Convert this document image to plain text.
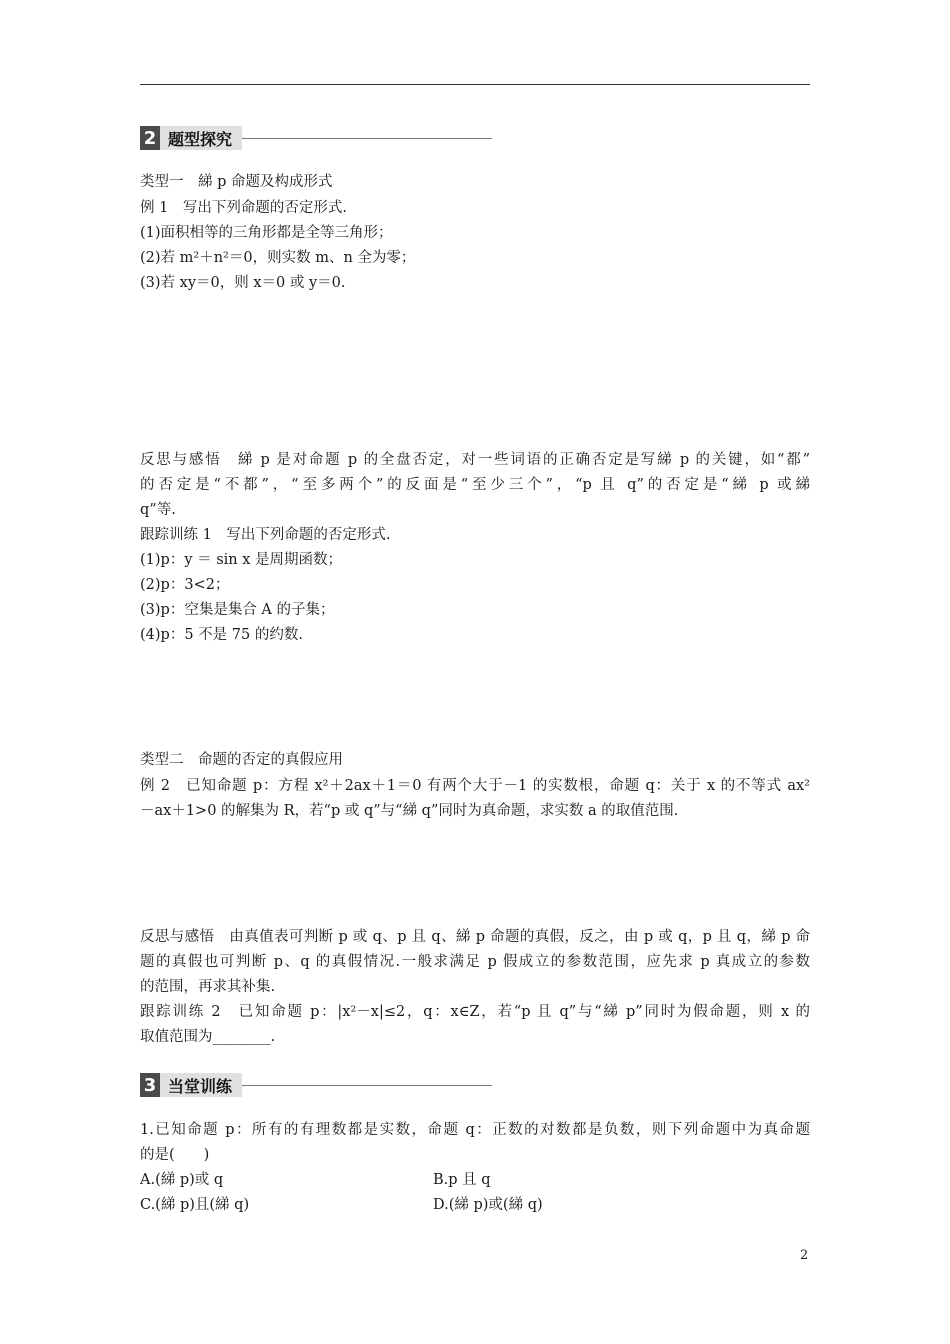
2 题型探究
类型一　綈 p 命题及构成形式
例 1　写出下列命题的否定形式.
(1)面积相等的三角形都是全等三角形；
(2)若 m²＋n²＝0，则实数 m、n 全为零；
(3)若 xy＝0，则 x＝0 或 y＝0.
反思与感悟　綈 p 是对命题 p 的全盘否定，对一些词语的正确否定是写綈 p 的关键，如“都”
的否定是“不都”，“至多两个”的反面是“至少三个”，“p 且 q”的否定是“綈 p 或綈
q”等.
跟踪训练 1　写出下列命题的否定形式.
(1)p：y ＝ sin x 是周期函数；
(2)p：3<2；
(3)p：空集是集合 A 的子集；
(4)p：5 不是 75 的约数.
类型二　命题的否定的真假应用
例 2　已知命题 p：方程 x²＋2ax＋1＝0 有两个大于－1 的实数根，命题 q：关于 x 的不等式 ax²
－ax＋1>0 的解集为 R，若“p 或 q”与“綈 q”同时为真命题，求实数 a 的取值范围.
反思与感悟　由真值表可判断 p 或 q、p 且 q、綈 p 命题的真假，反之，由 p 或 q，p 且 q，綈 p 命
题的真假也可判断 p、q 的真假情况.一般求满足 p 假成立的参数范围，应先求 p 真成立的参数
的范围，再求其补集.
跟踪训练 2　已知命题 p：|x²－x|≤2，q：x∈Z，若“p 且 q”与“綈 p”同时为假命题，则 x 的
取值范围为________.
3 当堂训练
1.已知命题 p：所有的有理数都是实数，命题 q：正数的对数都是负数，则下列命题中为真命题
的是(　　)
A.(綈 p)或 q	B.p 且 q
C.(綈 p)且(綈 q)	D.(綈 p)或(綈 q)
2
